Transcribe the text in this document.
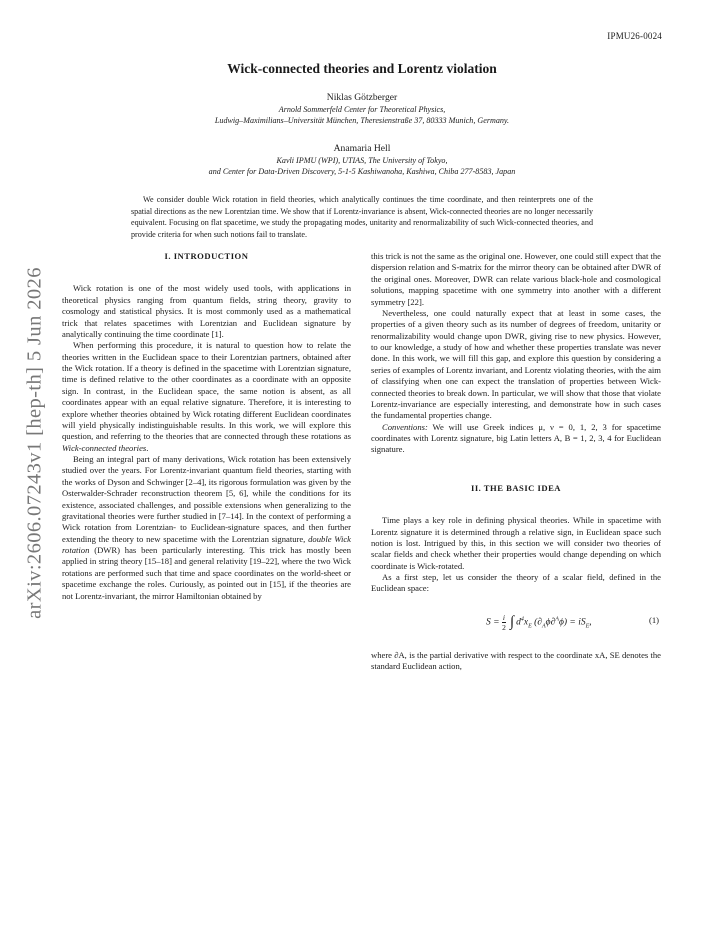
IPMU26-0024
arXiv:2606.07243v1 [hep-th] 5 Jun 2026
Wick-connected theories and Lorentz violation
Niklas Götzberger
Arnold Sommerfeld Center for Theoretical Physics,
Ludwig–Maximilians–Universität München, Theresienstraße 37, 80333 Munich, Germany.
Anamaria Hell
Kavli IPMU (WPI), UTIAS, The University of Tokyo,
and Center for Data-Driven Discovery, 5-1-5 Kashiwanoha, Kashiwa, Chiba 277-8583, Japan
We consider double Wick rotation in field theories, which analytically continues the time coordinate, and then reinterprets one of the spatial directions as the new Lorentzian time. We show that if Lorentz-invariance is absent, Wick-connected theories are no longer necessarily equivalent. Focusing on flat spacetime, we study the propagating modes, unitarity and renormalizability of such Wick-connected theories, and provide criteria for when such notions fail to translate.
I. INTRODUCTION

Wick rotation is one of the most widely used tools, with applications in theoretical physics ranging from quantum fields, string theory, gravity to cosmology and statistical physics. It is most commonly used as a mathematical trick that relates spacetimes with Lorentzian and Euclidean signature by analytically continuing the time coordinate [1].

When performing this procedure, it is natural to question how to relate the theories written in the Euclidean space to their Lorentzian partners, obtained after the Wick rotation. If a theory is defined in the spacetime with Lorentzian signature, time is defined relative to the other coordinates as a coordinate with an opposite sign. In contrast, in the Euclidean space, the same notion is absent, as all coordinates appear with an equal relative signature. Therefore, it is interesting to explore whether theories obtained by Wick rotating different Euclidean coordinates will yield physically indistinguishable results. In this work, we will explore this question, and referring to the theories that are connected through these rotations as Wick-connected theories.

Being an integral part of many derivations, Wick rotation has been extensively studied over the years. For Lorentz-invariant quantum field theories, starting with the works of Dyson and Schwinger [2–4], its rigorous formulation was given by the Osterwalder-Schrader reconstruction theorem [5, 6], while the conditions for its existence, associated challenges, and possible extensions when generalizing to the gravitational theories were further studied in [7–14]. In the context of performing a Wick rotation from Lorentzian- to Euclidean-signature spaces, and then further extending the theory to new spacetime with the Lorentzian signature, double Wick rotation (DWR) has been particularly interesting. This trick has mostly been applied in string theory [15–18] and general relativity [19–22], where the two Wick rotations are performed such that time and space coordinates on the world-sheet or spacetime exchange the roles. Curiously, as pointed out in [15], if the theories are not Lorentz-invariant, the mirror Hamiltonian obtained by

this trick is not the same as the original one. However, one could still expect that the dispersion relation and S-matrix for the mirror theory can be obtained after DWR of the original ones. Moreover, DWR can relate various black-hole and cosmological solutions, mapping spacetime with one symmetry into another with a different symmetry [22].

Nevertheless, one could naturally expect that at least in some cases, the properties of a given theory such as its number of degrees of freedom, unitarity or renormalizability would change upon DWR, giving rise to new physics. However, to our knowledge, a study of how and whether these properties translate was never done. In this work, we will fill this gap, and explore this question by considering a series of examples of Lorentz invariant, and Lorentz violating theories, with the aim of classifying when one can expect the translation of properties between Wick-connected theories to break down. In particular, we will show that those that violate Lorentz-invariance are especially interesting, and demonstrate how in such cases the fundamental properties change.

Conventions: We will use Greek indices μ, ν = 0, 1, 2, 3 for spacetime coordinates with Lorentz signature, big Latin letters A, B = 1, 2, 3, 4 for Euclidean signature.

II. THE BASIC IDEA

Time plays a key role in defining physical theories. While in spacetime with Lorentz signature it is determined through a relative sign, in Euclidean space such notion is lost. Intrigued by this, in this section we will consider two theories of scalar fields and check whether their properties would change depending on which coordinate is Wick-rotated.

As a first step, let us consider the theory of a scalar field, defined in the Euclidean space:

$S = \frac{i}{2}$ ∫ $d^4x_E$ $(\partial_A\phi\partial^A\phi) = iS_E$,	(1)

where ∂A, is the partial derivative with respect to the coordinate xA, SE denotes the standard Euclidean action,
